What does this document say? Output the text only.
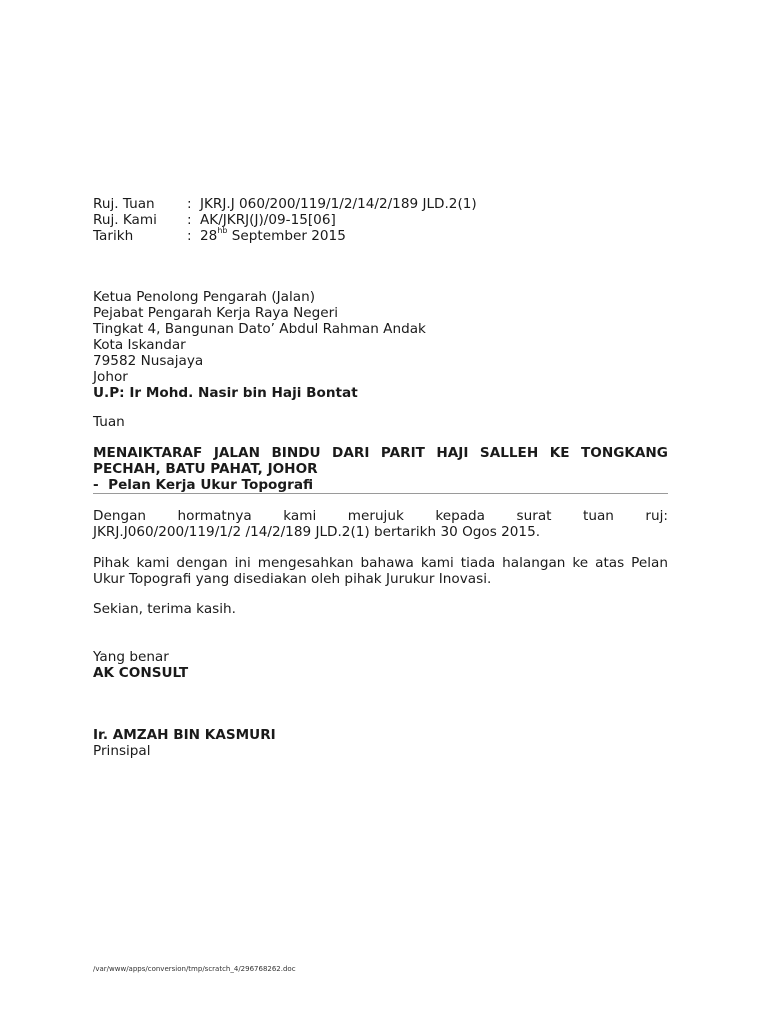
Ruj. Tuan	: JKRJ.J 060/200/119/1/2/14/2/189 JLD.2(1)
Ruj. Kami	: AK/JKRJ(J)/09-15[06]
Tarikh	: $28^{hb}$ September 2015
Ketua Penolong Pengarah (Jalan)
Pejabat Pengarah Kerja Raya Negeri
Tingkat 4, Bangunan Dato’ Abdul Rahman Andak
Kota Iskandar
79582 Nusajaya
Johor
U.P: Ir Mohd. Nasir bin Haji Bontat
Tuan
MENAIKTARAF JALAN BINDU DARI PARIT HAJI SALLEH KE TONGKANG
PECHAH, BATU PAHAT, JOHOR
-  Pelan Kerja Ukur Topografi
Dengan hormatnya kami merujuk kepada surat tuan ruj:
JKRJ.J060/200/119/1/2 /14/2/189 JLD.2(1) bertarikh 30 Ogos 2015.
Pihak kami dengan ini mengesahkan bahawa kami tiada halangan ke atas Pelan
Ukur Topografi yang disediakan oleh pihak Jurukur Inovasi.
Sekian, terima kasih.
Yang benar
AK CONSULT
Ir. AMZAH BIN KASMURI
Prinsipal
/var/www/apps/conversion/tmp/scratch_4/296768262.doc
